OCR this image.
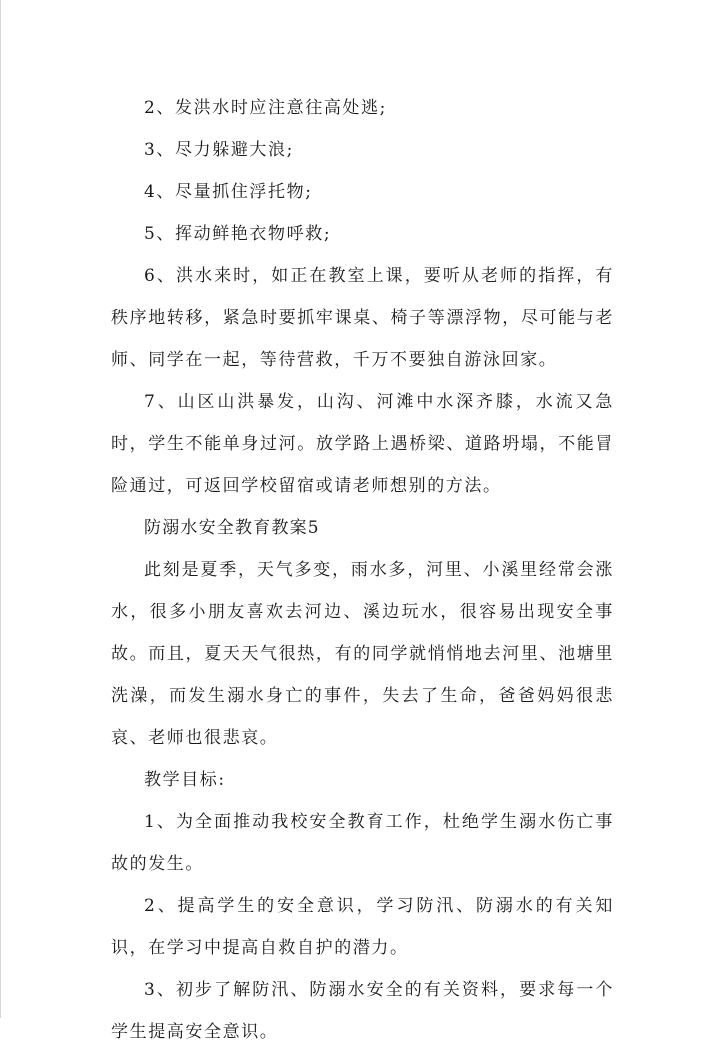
2、发洪水时应注意往高处逃;

3、尽力躲避大浪;

4、尽量抓住浮托物;

5、挥动鲜艳衣物呼救;

6、洪水来时，如正在教室上课，要听从老师的指挥，有秩序地转移，紧急时要抓牢课桌、椅子等漂浮物，尽可能与老师、同学在一起，等待营救，千万不要独自游泳回家。

7、山区山洪暴发，山沟、河滩中水深齐膝，水流又急时，学生不能单身过河。放学路上遇桥梁、道路坍塌，不能冒险通过，可返回学校留宿或请老师想别的方法。

防溺水安全教育教案5

此刻是夏季，天气多变，雨水多，河里、小溪里经常会涨水，很多小朋友喜欢去河边、溪边玩水，很容易出现安全事故。而且，夏天天气很热，有的同学就悄悄地去河里、池塘里洗澡，而发生溺水身亡的事件，失去了生命，爸爸妈妈很悲哀、老师也很悲哀。

教学目标:

1、为全面推动我校安全教育工作，杜绝学生溺水伤亡事故的发生。

2、提高学生的安全意识，学习防汛、防溺水的有关知识，在学习中提高自救自护的潜力。

3、初步了解防汛、防溺水安全的有关资料，要求每一个学生提高安全意识。
